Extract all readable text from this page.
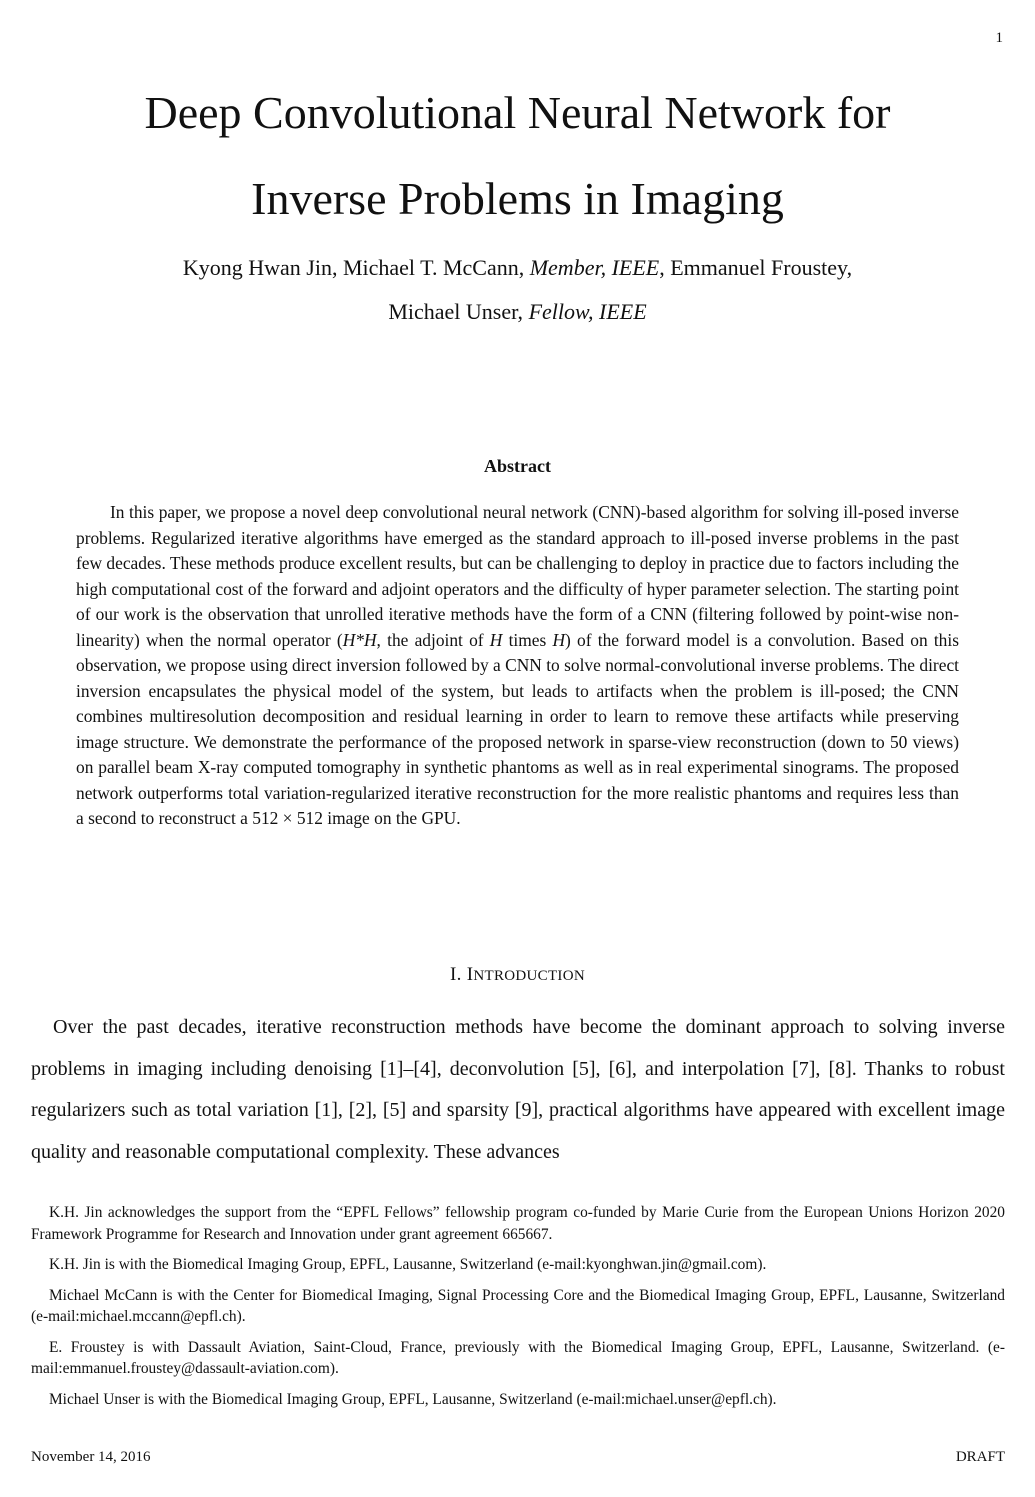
1
Deep Convolutional Neural Network for
Inverse Problems in Imaging
Kyong Hwan Jin, Michael T. McCann, Member, IEEE, Emmanuel Froustey,
Michael Unser, Fellow, IEEE
Abstract

In this paper, we propose a novel deep convolutional neural network (CNN)-based algorithm for solving ill-posed inverse problems. Regularized iterative algorithms have emerged as the standard approach to ill-posed inverse problems in the past few decades. These methods produce excellent results, but can be challenging to deploy in practice due to factors including the high computational cost of the forward and adjoint operators and the difficulty of hyper parameter selection. The starting point of our work is the observation that unrolled iterative methods have the form of a CNN (filtering followed by point-wise non-linearity) when the normal operator (H*H, the adjoint of H times H) of the forward model is a convolution. Based on this observation, we propose using direct inversion followed by a CNN to solve normal-convolutional inverse problems. The direct inversion encapsulates the physical model of the system, but leads to artifacts when the problem is ill-posed; the CNN combines multiresolution decomposition and residual learning in order to learn to remove these artifacts while preserving image structure. We demonstrate the performance of the proposed network in sparse-view reconstruction (down to 50 views) on parallel beam X-ray computed tomography in synthetic phantoms as well as in real experimental sinograms. The proposed network outperforms total variation-regularized iterative reconstruction for the more realistic phantoms and requires less than a second to reconstruct a 512 × 512 image on the GPU.

I. INTRODUCTION

Over the past decades, iterative reconstruction methods have become the dominant approach to solving inverse problems in imaging including denoising [1]–[4], deconvolution [5], [6], and interpolation [7], [8]. Thanks to robust regularizers such as total variation [1], [2], [5] and sparsity [9], practical algorithms have appeared with excellent image quality and reasonable computational complexity. These advances

K.H. Jin acknowledges the support from the “EPFL Fellows” fellowship program co-funded by Marie Curie from the European Unions Horizon 2020 Framework Programme for Research and Innovation under grant agreement 665667.

K.H. Jin is with the Biomedical Imaging Group, EPFL, Lausanne, Switzerland (e-mail:kyonghwan.jin@gmail.com).

Michael McCann is with the Center for Biomedical Imaging, Signal Processing Core and the Biomedical Imaging Group, EPFL, Lausanne, Switzerland (e-mail:michael.mccann@epfl.ch).

E. Froustey is with Dassault Aviation, Saint-Cloud, France, previously with the Biomedical Imaging Group, EPFL, Lausanne, Switzerland. (e-mail:emmanuel.froustey@dassault-aviation.com).

Michael Unser is with the Biomedical Imaging Group, EPFL, Lausanne, Switzerland (e-mail:michael.unser@epfl.ch).

November 14, 2016	DRAFT
